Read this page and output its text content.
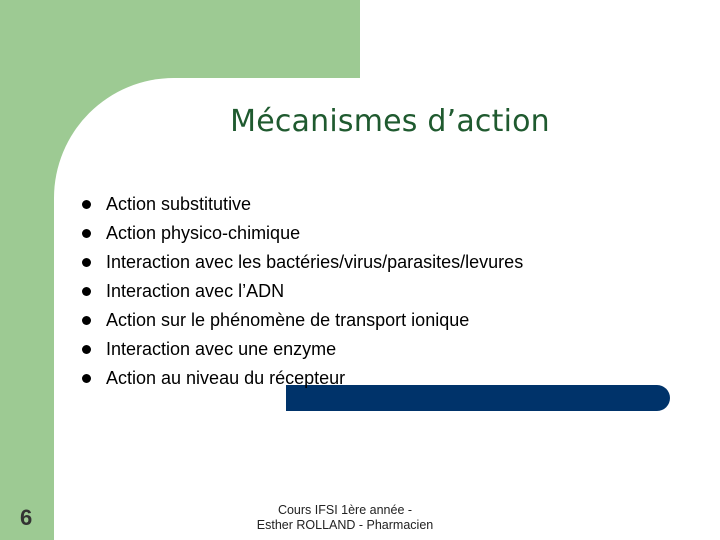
Mécanismes d’action
Action substitutive
Action physico-chimique
Interaction avec les bactéries/virus/parasites/levures
Interaction avec l’ADN
Action sur le phénomène de transport ionique
Interaction avec une enzyme
Action au niveau du récepteur
6	Cours IFSI 1ère année -
Esther ROLLAND - Pharmacien
